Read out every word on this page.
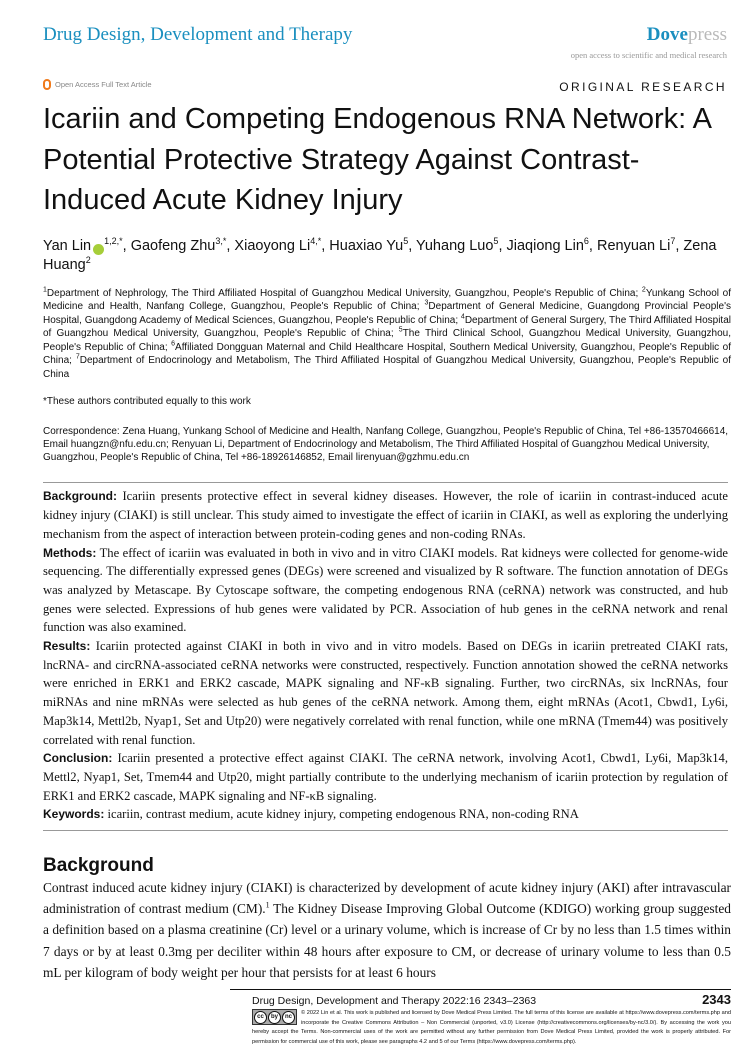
Drug Design, Development and Therapy	Dovepress
open access to scientific and medical research
Open Access Full Text Article	ORIGINAL RESEARCH
Icariin and Competing Endogenous RNA Network: A Potential Protective Strategy Against Contrast-Induced Acute Kidney Injury
Yan Lin $^{1,2,*}$, Gaofeng Zhu$^{3,*}$, Xiaoyong $Li^{4,*}$, Huaxiao Yu$^5$, Yuhang Luo$^5$, Jiaqiong Lin$^6$, Renyuan Li$^7$, Zena Huang$^2$
$^1$Department of Nephrology, The Third Affiliated Hospital of Guangzhou Medical University, Guangzhou, People's Republic of China; $^2$Yunkang School of Medicine and Health, Nanfang College, Guangzhou, People's Republic of China; $^3$Department of General Medicine, Guangdong Provincial People's Hospital, Guangdong Academy of Medical Sciences, Guangzhou, People's Republic of China; $^4$Department of General Surgery, The Third Affiliated Hospital of Guangzhou Medical University, Guangzhou, People's Republic of China; $^5$The Third Clinical School, Guangzhou Medical University, Guangzhou, People's Republic of China; $^6$Affiliated Dongguan Maternal and Child Healthcare Hospital, Southern Medical University, Guangzhou, People's Republic of China; $^7$Department of Endocrinology and Metabolism, The Third Affiliated Hospital of Guangzhou Medical University, Guangzhou, People's Republic of China
*These authors contributed equally to this work
Correspondence: Zena Huang, Yunkang School of Medicine and Health, Nanfang College, Guangzhou, People's Republic of China, Tel +86-13570466614, Email huangzn@nfu.edu.cn; Renyuan Li, Department of Endocrinology and Metabolism, The Third Affiliated Hospital of Guangzhou Medical University, Guangzhou, People's Republic of China, Tel +86-18926146852, Email lirenyuan@gzhmu.edu.cn
Background: Icariin presents protective effect in several kidney diseases. However, the role of icariin in contrast-induced acute kidney injury (CIAKI) is still unclear. This study aimed to investigate the effect of icariin in CIAKI, as well as exploring the underlying mechanism from the aspect of interaction between protein-coding genes and non-coding RNAs.
Methods: The effect of icariin was evaluated in both in vivo and in vitro CIAKI models. Rat kidneys were collected for genome-wide sequencing. The differentially expressed genes (DEGs) were screened and visualized by R software. The function annotation of DEGs was analyzed by Metascape. By Cytoscape software, the competing endogenous RNA (ceRNA) network was constructed, and hub genes were selected. Expressions of hub genes were validated by PCR. Association of hub genes in the ceRNA network and renal function was also examined.
Results: Icariin protected against CIAKI in both in vivo and in vitro models. Based on DEGs in icariin pretreated CIAKI rats, lncRNA- and circRNA-associated ceRNA networks were constructed, respectively. Function annotation showed the ceRNA networks were enriched in ERK1 and ERK2 cascade, MAPK signaling and NF-κB signaling. Further, two circRNAs, six lncRNAs, four miRNAs and nine mRNAs were selected as hub genes of the ceRNA network. Among them, eight mRNAs (Acot1, Cbwd1, Ly6i, Map3k14, Mettl2b, Nyap1, Set and Utp20) were negatively correlated with renal function, while one mRNA (Tmem44) was positively correlated with renal function.
Conclusion: Icariin presented a protective effect against CIAKI. The ceRNA network, involving Acot1, Cbwd1, Ly6i, Map3k14, Mettl2, Nyap1, Set, Tmem44 and Utp20, might partially contribute to the underlying mechanism of icariin protection by regulation of ERK1 and ERK2 cascade, MAPK signaling and NF-κB signaling.
Keywords: icariin, contrast medium, acute kidney injury, competing endogenous RNA, non-coding RNA
Background

Contrast induced acute kidney injury (CIAKI) is characterized by development of acute kidney injury (AKI) after intravascular administration of contrast medium (CM).$^1$ The Kidney Disease Improving Global Outcome (KDIGO) working group suggested a definition based on a plasma creatinine (Cr) level or a urinary volume, which is increase of Cr by no less than 1.5 times within 7 days or by at least 0.3mg per deciliter within 48 hours after exposure to CM, or decrease of urinary volume to less than 0.5 mL per kilogram of body weight per hour that persists for at least 6 hours

Drug Design, Development and Therapy 2022:16 2343–2363	2343
cc	by	nc
© 2022 Lin et al. This work is published and licensed by Dove Medical Press Limited. The full terms of this license are available at https://www.dovepress.com/terms.php and incorporate the Creative Commons Attribution – Non Commercial (unported, v3.0) License (http://creativecommons.org/licenses/by-nc/3.0/). By accessing the work you hereby accept the Terms. Non-commercial uses of the work are permitted without any further permission from Dove Medical Press Limited, provided the work is properly attributed. For permission for commercial use of this work, please see paragraphs 4.2 and 5 of our Terms (https://www.dovepress.com/terms.php).
